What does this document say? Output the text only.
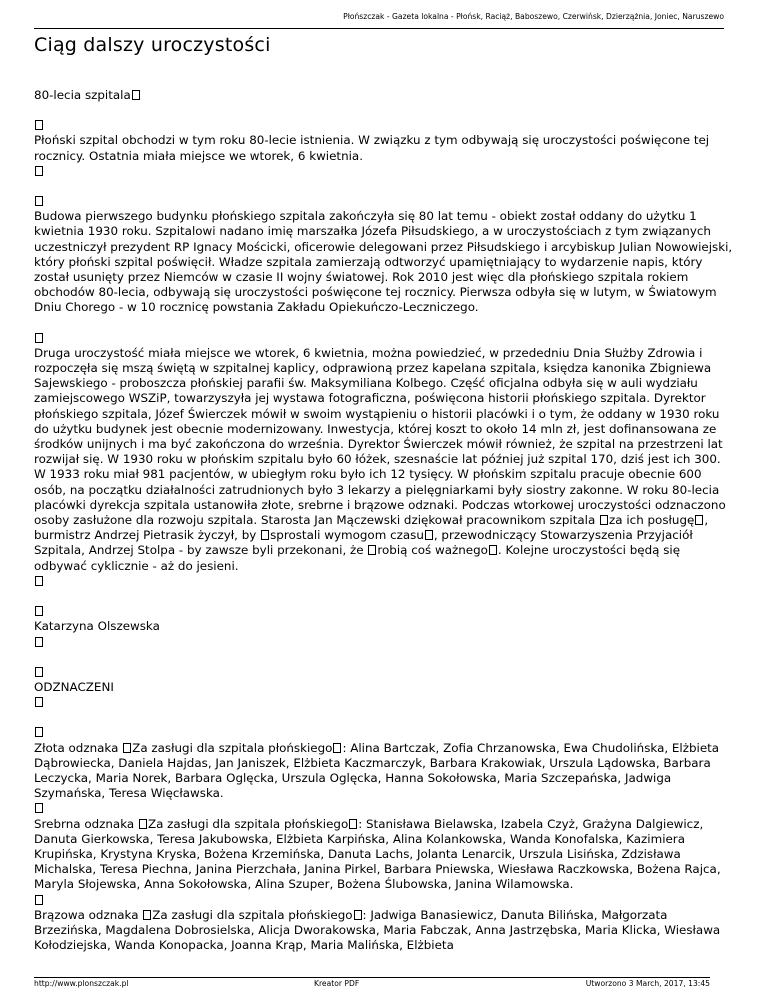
Płońszczak - Gazeta lokalna - Płońsk, Raciąż, Baboszewo, Czerwińsk, Dzierzążnia, Joniec, Naruszewo
Ciąg dalszy uroczystości

80-lecia szpitala

Płoński szpital obchodzi w tym roku 80-lecie istnienia. W związku z tym odbywają się uroczystości poświęcone tej rocznicy. Ostatnia miała miejsce we wtorek, 6 kwietnia.

Budowa pierwszego budynku płońskiego szpitala zakończyła się 80 lat temu - obiekt został oddany do użytku 1 kwietnia 1930 roku. Szpitalowi nadano imię marszałka Józefa Piłsudskiego, a w uroczystościach z tym związanych uczestniczył prezydent RP Ignacy Mościcki, oficerowie delegowani przez Piłsudskiego i arcybiskup Julian Nowowiejski, który płoński szpital poświęcił. Władze szpitala zamierzają odtworzyć upamiętniający to wydarzenie napis, który został usunięty przez Niemców w czasie II wojny światowej. Rok 2010 jest więc dla płońskiego szpitala rokiem obchodów 80-lecia, odbywają się uroczystości poświęcone tej rocznicy. Pierwsza odbyła się w lutym, w Światowym Dniu Chorego - w 10 rocznicę powstania Zakładu Opiekuńczo-Leczniczego.

Druga uroczystość miała miejsce we wtorek, 6 kwietnia, można powiedzieć, w przededniu Dnia Służby Zdrowia i rozpoczęła się mszą świętą w szpitalnej kaplicy, odprawioną przez kapelana szpitala, księdza kanonika Zbigniewa Sajewskiego - proboszcza płońskiej parafii św. Maksymiliana Kolbego. Część oficjalna odbyła się w auli wydziału zamiejscowego WSZiP, towarzyszyła jej wystawa fotograficzna, poświęcona historii płońskiego szpitala. Dyrektor płońskiego szpitala, Józef Świerczek mówił w swoim wystąpieniu o historii placówki i o tym, że oddany w 1930 roku do użytku budynek jest obecnie modernizowany. Inwestycja, której koszt to około 14 mln zł, jest dofinansowana ze środków unijnych i ma być zakończona do września. Dyrektor Świerczek mówił również, że szpital na przestrzeni lat rozwijał się. W 1930 roku w płońskim szpitalu było 60 łóżek, szesnaście lat później już szpital 170, dziś jest ich 300. W 1933 roku miał 981 pacjentów, w ubiegłym roku było ich 12 tysięcy. W płońskim szpitalu pracuje obecnie 600 osób, na początku działalności zatrudnionych było 3 lekarzy a pielęgniarkami były siostry zakonne. W roku 80-lecia placówki dyrekcja szpitala ustanowiła złote, srebrne i brązowe odznaki. Podczas wtorkowej uroczystości odznaczono osoby zasłużone dla rozwoju szpitala. Starosta Jan Mączewski dziękował pracownikom szpitala za ich posługę , burmistrz Andrzej Pietrasik życzył, by sprostali wymogom czasu , przewodniczący Stowarzyszenia Przyjaciół Szpitala, Andrzej Stolpa - by zawsze byli przekonani, że robią coś ważnego . Kolejne uroczystości będą się odbywać cyklicznie - aż do jesieni.

Katarzyna Olszewska

ODZNACZENI

Złota odznaka Za zasługi dla szpitala płońskiego : Alina Bartczak, Zofia Chrzanowska, Ewa Chudolińska, Elżbieta Dąbrowiecka, Daniela Hajdas, Jan Janiszek, Elżbieta Kaczmarczyk, Barbara Krakowiak, Urszula Lądowska, Barbara Leczycka, Maria Norek, Barbara Oglęcka, Urszula Oglęcka, Hanna Sokołowska, Maria Szczepańska, Jadwiga Szymańska, Teresa Więcławska.

Srebrna odznaka Za zasługi dla szpitala płońskiego : Stanisława Bielawska, Izabela Czyż, Grażyna Dalgiewicz, Danuta Gierkowska, Teresa Jakubowska, Elżbieta Karpińska, Alina Kolankowska, Wanda Konofalska, Kazimiera Krupińska, Krystyna Kryska, Bożena Krzemińska, Danuta Lachs, Jolanta Lenarcik, Urszula Lisińska, Zdzisława Michalska, Teresa Piechna, Janina Pierzchała, Janina Pirkel, Barbara Pniewska, Wiesława Raczkowska, Bożena Rajca, Maryla Słojewska, Anna Sokołowska, Alina Szuper, Bożena Ślubowska, Janina Wilamowska.

Brązowa odznaka Za zasługi dla szpitala płońskiego : Jadwiga Banasiewicz, Danuta Bilińska, Małgorzata Brzezińska, Magdalena Dobrosielska, Alicja Dworakowska, Maria Fabczak, Anna Jastrzębska, Maria Klicka, Wiesława Kołodziejska, Wanda Konopacka, Joanna Krąp, Maria Malińska, Elżbieta

http://www.plonszczak.pl	Kreator PDF	Utworzono 3 March, 2017, 13:45
